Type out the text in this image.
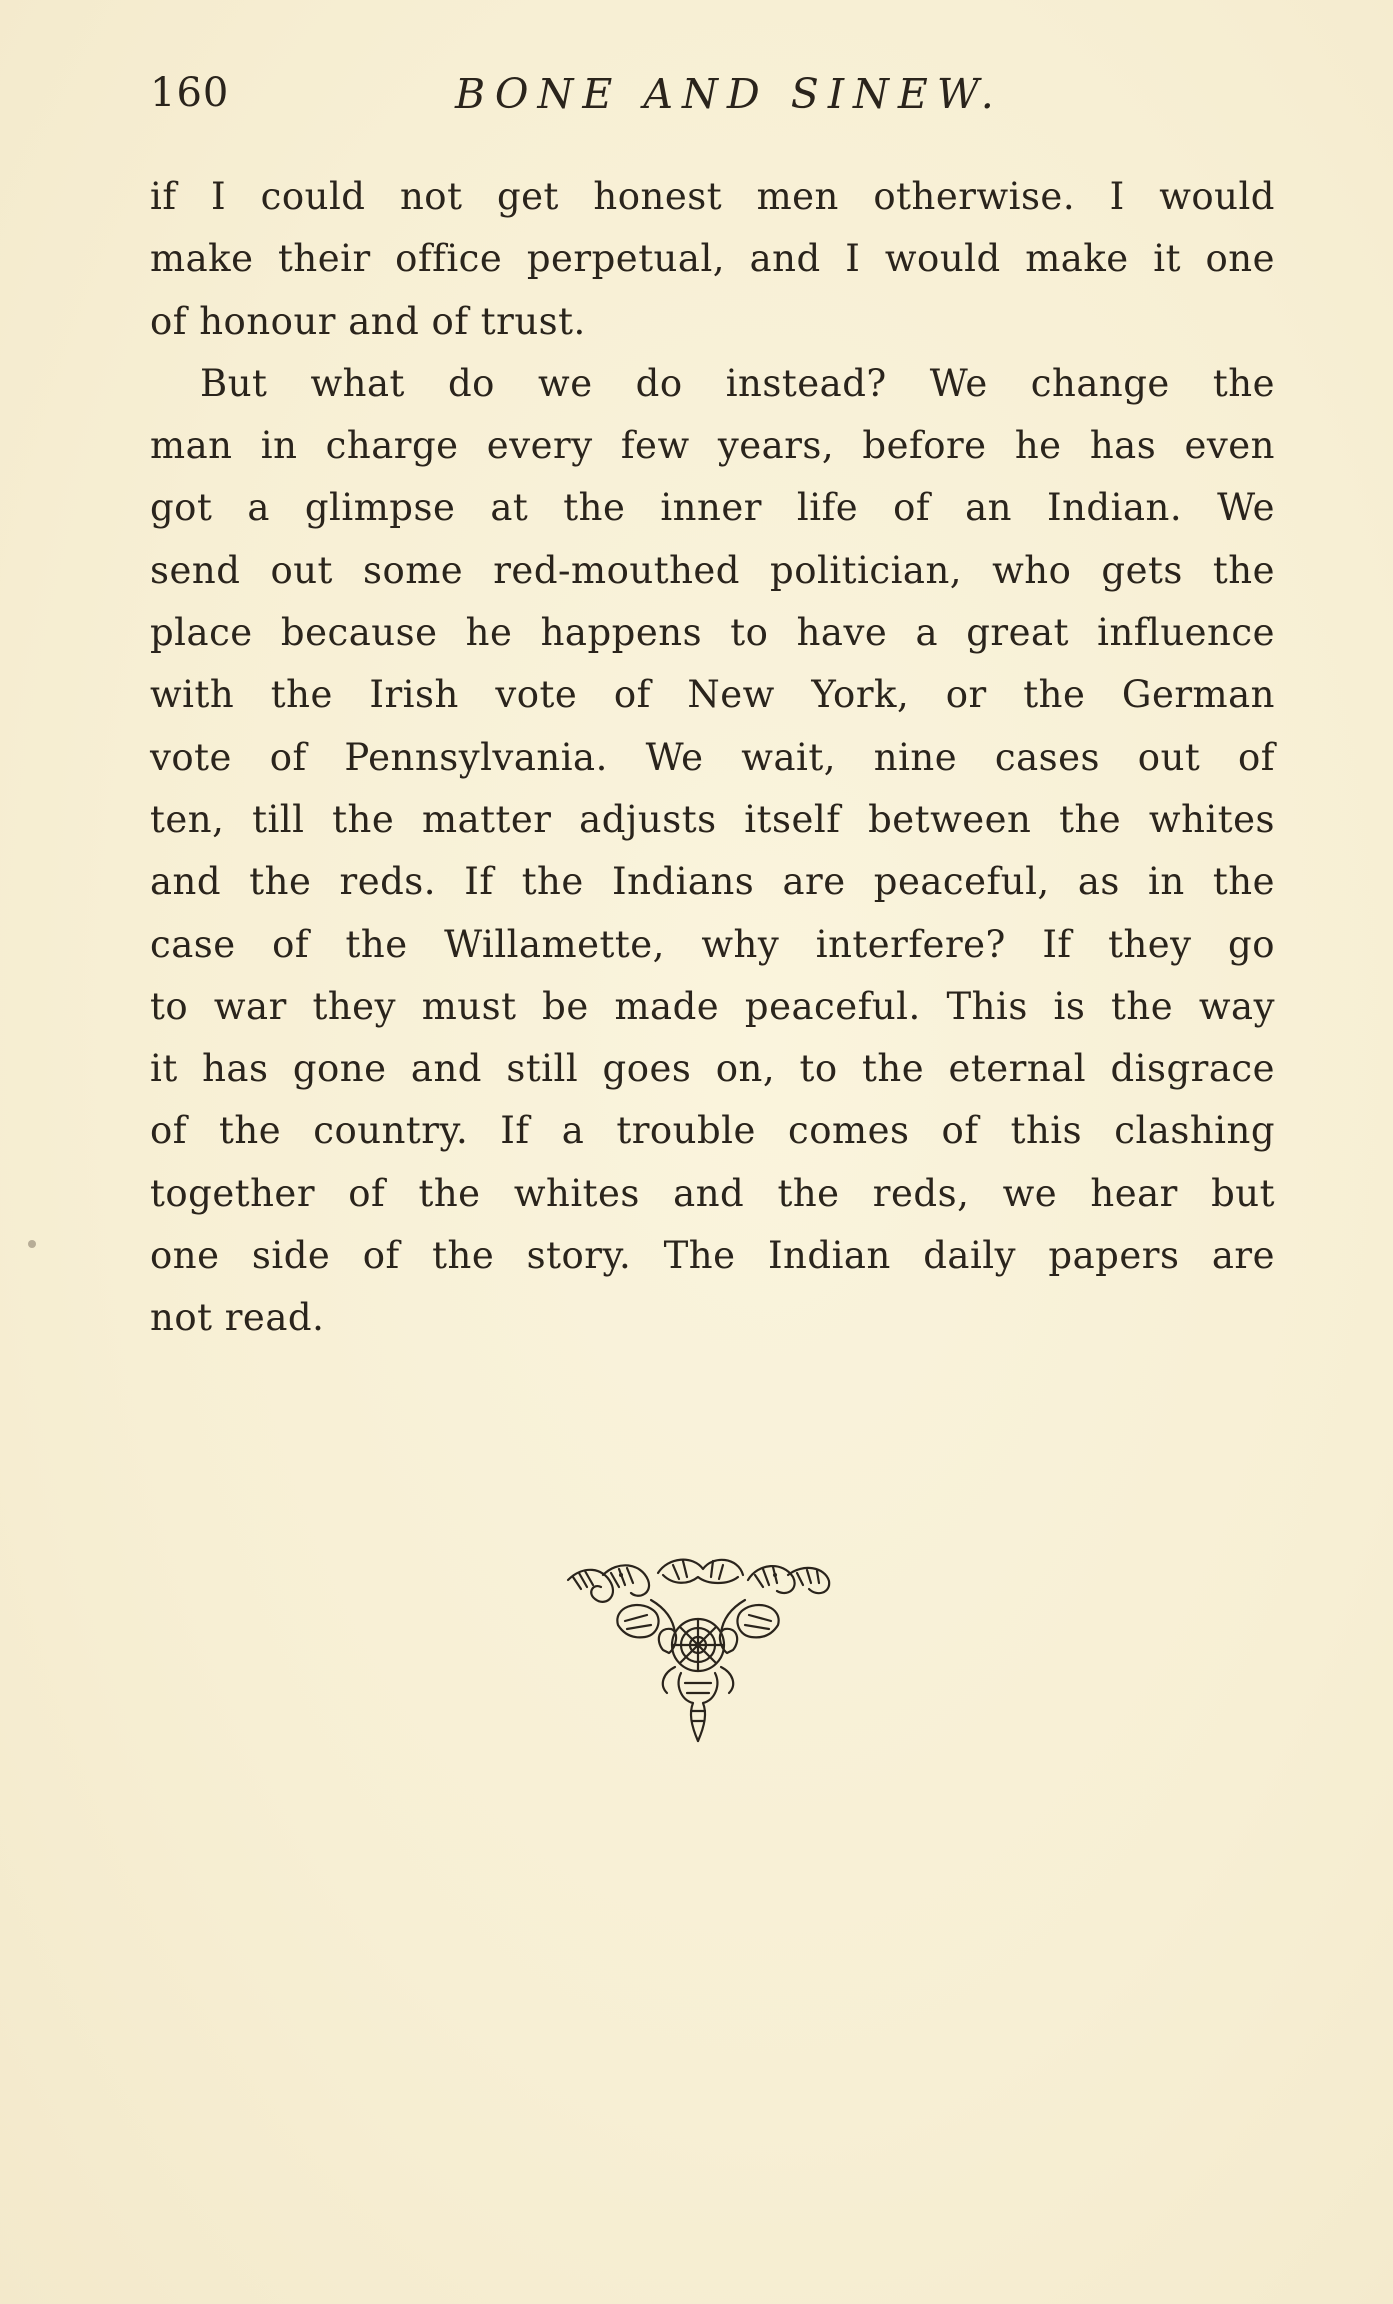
160	BONE AND SINEW.
if I could not get honest men otherwise. I would
make their office perpetual, and I would make it one
of honour and of trust.
But what do we do instead? We change the
man in charge every few years, before he has even
got a glimpse at the inner life of an Indian. We
send out some red-mouthed politician, who gets the
place because he happens to have a great influence
with the Irish vote of New York, or the German
vote of Pennsylvania. We wait, nine cases out of
ten, till the matter adjusts itself between the whites
and the reds. If the Indians are peaceful, as in the
case of the Willamette, why interfere? If they go
to war they must be made peaceful. This is the way
it has gone and still goes on, to the eternal disgrace
of the country. If a trouble comes of this clashing
together of the whites and the reds, we hear but
one side of the story. The Indian daily papers are
not read.
